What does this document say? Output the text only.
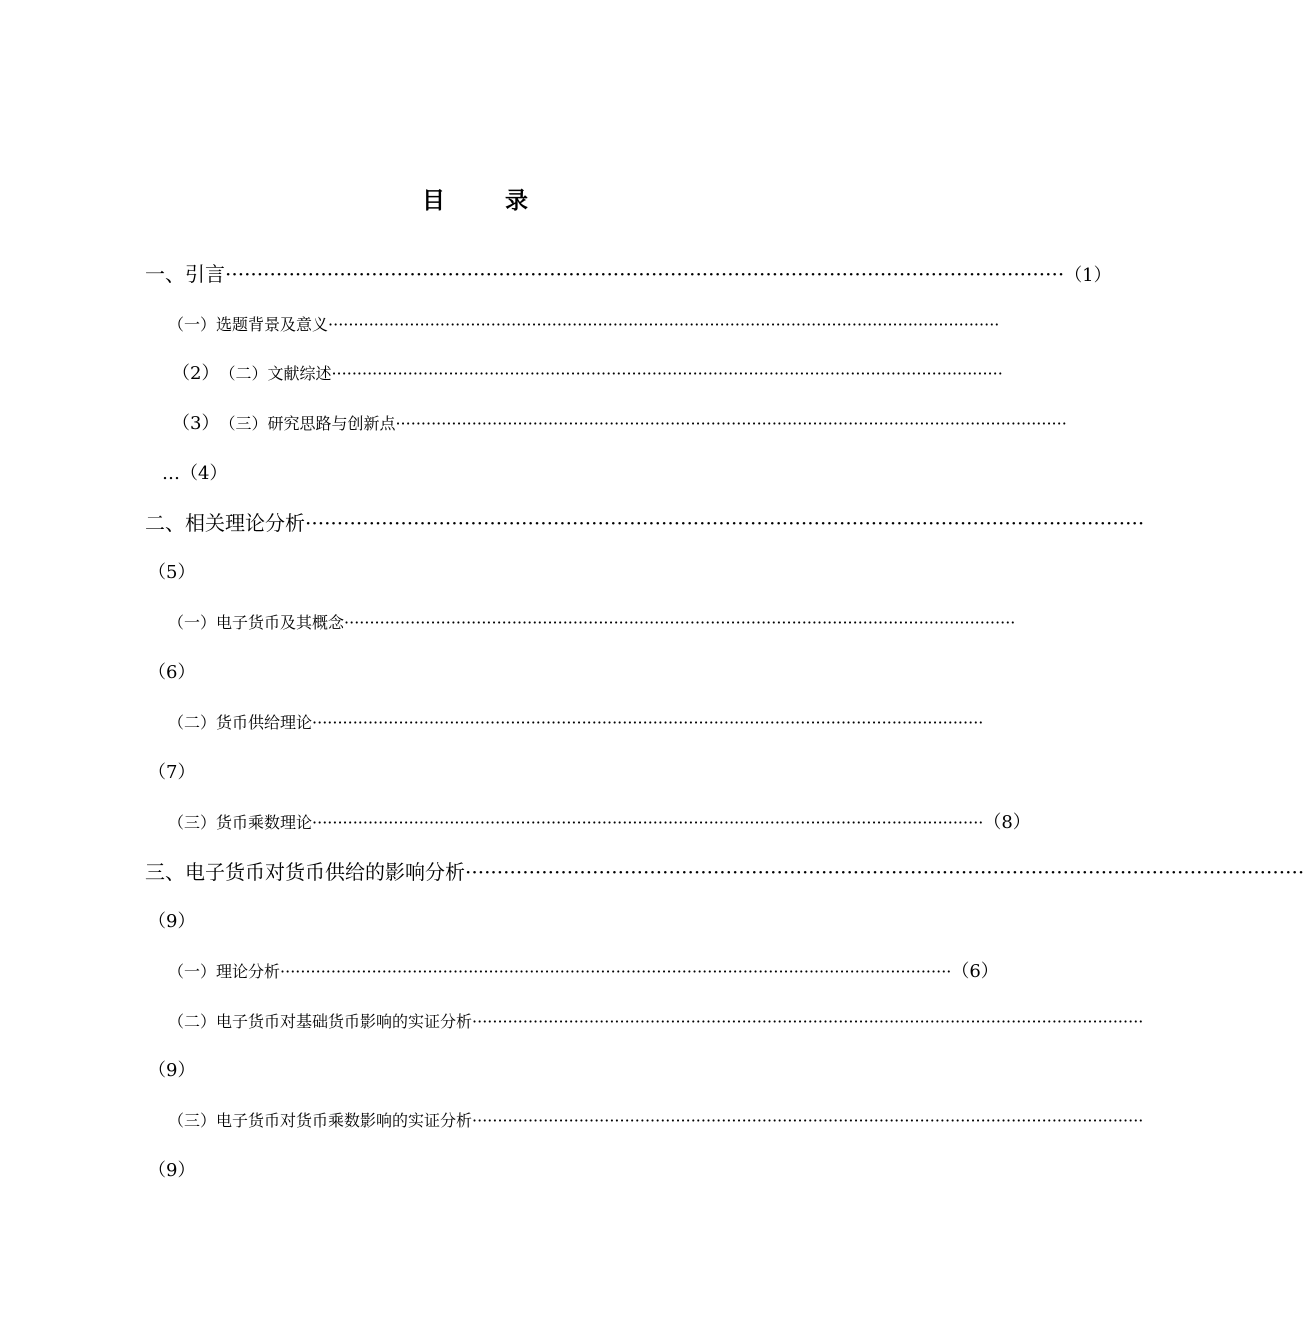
目 录
一、引言 ···································································································································· （1）
（一）选题背景及意义 ····································································································································
（2） （二）文献综述 ····································································································································
（3） （三）研究思路与创新点 ····································································································································
…（4）
二、相关理论分析 ····································································································································
（5）
（一）电子货币及其概念 ····································································································································
（6）
（二）货币供给理论 ····································································································································
（7）
（三）货币乘数理论 ···································································································································· （8）
三、电子货币对货币供给的影响分析 ····································································································································
（9）
（一）理论分析 ···································································································································· （6）
（二）电子货币对基础货币影响的实证分析 ····································································································································
（9）
（三）电子货币对货币乘数影响的实证分析 ····································································································································
（9）
